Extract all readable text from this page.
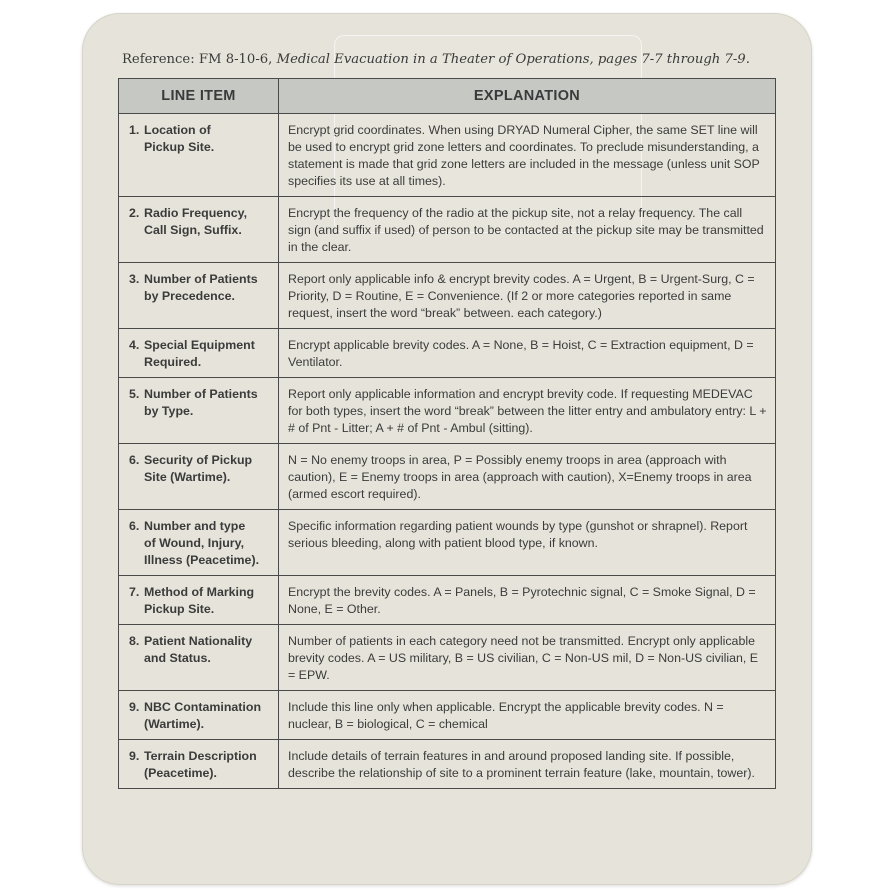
Reference: FM 8-10-6, Medical Evacuation in a Theater of Operations, pages 7-7 through 7-9.
LINE ITEM	EXPLANATION

1. Location of
Pickup Site.	Encrypt grid coordinates. When using DRYAD Numeral Cipher, the same SET line will be used to encrypt grid zone letters and coordinates. To preclude misunderstanding, a statement is made that grid zone letters are included in the message (unless unit SOP specifies its use at all times).

2. Radio Frequency,
Call Sign, Suffix.	Encrypt the frequency of the radio at the pickup site, not a relay frequency. The call sign (and suffix if used) of person to be contacted at the pickup site may be transmitted in the clear.

3. Number of Patients
by Precedence.	Report only applicable info & encrypt brevity codes. A = Urgent, B = Urgent-Surg, C = Priority, D = Routine, E = Convenience. (If 2 or more categories reported in same request, insert the word “break” between. each category.)

4. Special Equipment
Required.	Encrypt applicable brevity codes. A = None, B = Hoist, C = Extraction equipment, D = Ventilator.

5. Number of Patients
by Type.	Report only applicable information and encrypt brevity code. If requesting MEDEVAC for both types, insert the word “break” between the litter entry and ambulatory entry: L + # of Pnt - Litter; A + # of Pnt - Ambul (sitting).

6. Security of Pickup
Site (Wartime).	N = No enemy troops in area, P = Possibly enemy troops in area (approach with caution), E = Enemy troops in area (approach with caution), X=Enemy troops in area (armed escort required).

6. Number and type
of Wound, Injury,
Illness (Peacetime).	Specific information regarding patient wounds by type (gunshot or shrapnel). Report serious bleeding, along with patient blood type, if known.

7. Method of Marking
Pickup Site.	Encrypt the brevity codes. A = Panels, B = Pyrotechnic signal, C = Smoke Signal, D = None, E = Other.

8. Patient Nationality
and Status.	Number of patients in each category need not be transmitted. Encrypt only applicable brevity codes. A = US military, B = US civilian, C = Non-US mil, D = Non-US civilian, E = EPW.

9. NBC Contamination
(Wartime).	Include this line only when applicable. Encrypt the applicable brevity codes. N = nuclear, B = biological, C = chemical

9. Terrain Description
(Peacetime).	Include details of terrain features in and around proposed landing site. If possible, describe the relationship of site to a prominent terrain feature (lake, mountain, tower).
